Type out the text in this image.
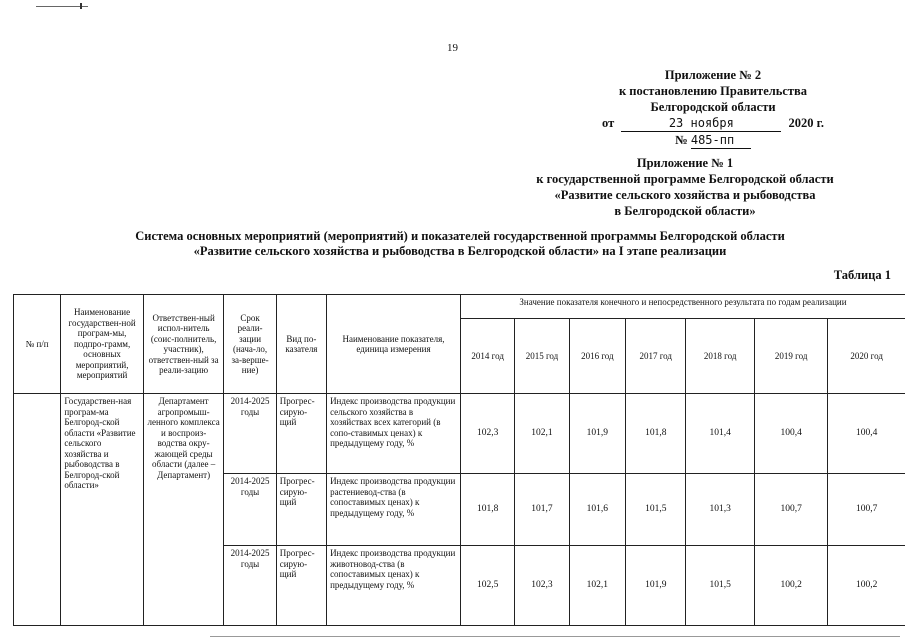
19
Приложение № 2
к постановлению Правительства
Белгородской области
от	23 ноября	2020 г.
№ 485-пп
Приложение № 1
к государственной программе Белгородской области
«Развитие сельского хозяйства и рыбоводства
в Белгородской области»
Система основных мероприятий (мероприятий) и показателей государственной программы Белгородской области
«Развитие сельского хозяйства и рыбоводства в Белгородской области» на I этапе реализации
Таблица 1
№ п/п	Наименование государствен-ной програм-мы, подпро-грамм, основных мероприятий, мероприятий	Ответствен-ный испол-нитель (соис-полнитель, участник), ответствен-ный за реали-зацию	Срок реали-зации (нача-ло, за-верше-ние)	Вид по-казателя	Наименование показателя, единица измерения	Значение показателя конечного и непосредственного результата по годам реализации						
						2014 год	2015 год	2016 год	2017 год	2018 год	2019 год	2020 год
	Государствен-ная програм-ма Белгород-ской области «Развитие сельского хозяйства и рыбоводства в Белгород-ской области»	Департамент агропромыш-ленного комплекса и воспроиз-водства окру-жающей среды области (далее – Департамент)	2014-2025 годы	Прогрес-сирую-щий	Индекс производства продукции сельского хозяйства в хозяйствах всех категорий (в сопо-ставимых ценах) к предыдущему году, %	102,3	102,1	101,9	101,8	101,4	100,4	100,4
			2014-2025 годы	Прогрес-сирую-щий	Индекс производства продукции растениевод-ства (в сопоставимых ценах) к предыдущему году, %	101,8	101,7	101,6	101,5	101,3	100,7	100,7
			2014-2025 годы	Прогрес-сирую-щий	Индекс производства продукции животновод-ства (в сопоставимых ценах) к предыдущему году, %	102,5	102,3	102,1	101,9	101,5	100,2	100,2
